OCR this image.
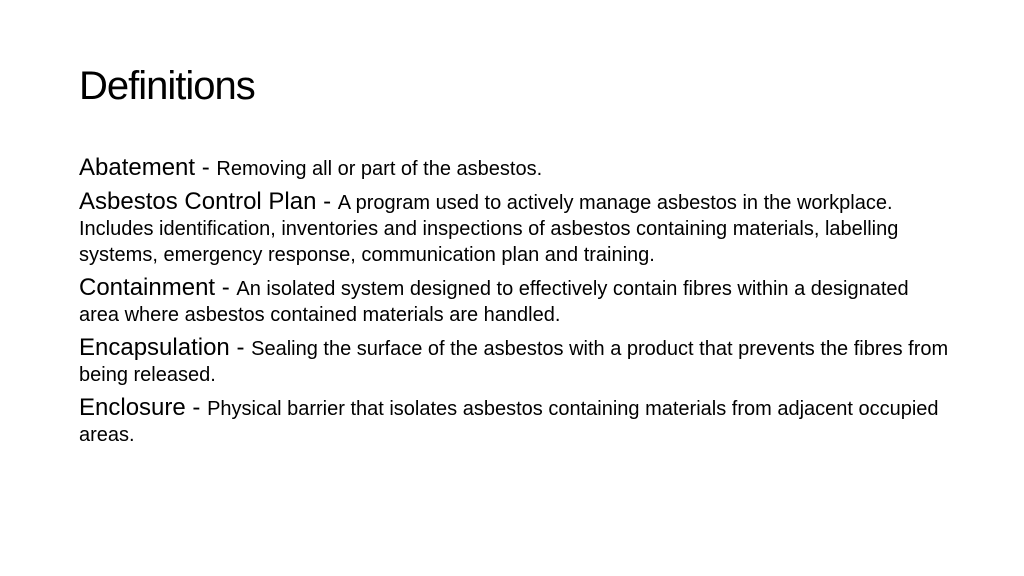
Definitions
Abatement - Removing all or part of the asbestos.
Asbestos Control Plan - A program used to actively manage asbestos in the workplace. Includes identification, inventories and inspections of asbestos containing materials, labelling systems, emergency response, communication plan and training.
Containment - An isolated system designed to effectively contain fibres within a designated area where asbestos contained materials are handled.
Encapsulation - Sealing the surface of the asbestos with a product that prevents the fibres from being released.
Enclosure - Physical barrier that isolates asbestos containing materials from adjacent occupied areas.
